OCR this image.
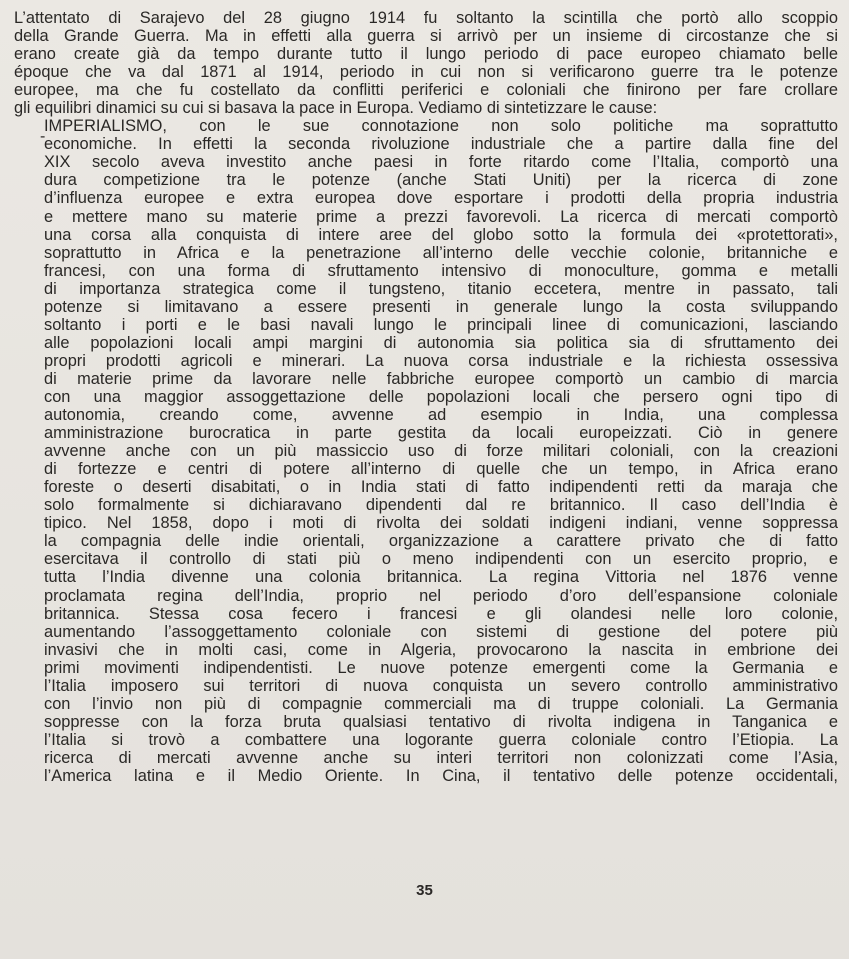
-
L’attentato di Sarajevo del 28 giugno 1914 fu soltanto la scintilla che portò allo scoppio
della Grande Guerra. Ma in effetti alla guerra si arrivò per un insieme di circostanze che si
erano create già da tempo durante tutto il lungo periodo di pace europeo chiamato belle
époque che va dal 1871 al 1914, periodo in cui non si verificarono guerre tra le potenze
europee, ma che fu costellato da conflitti periferici e coloniali che finirono per fare crollare
gli equilibri dinamici su cui si basava la pace in Europa. Vediamo di sintetizzare le cause:
IMPERIALISMO, con le sue connotazione non solo politiche ma soprattutto
economiche. In effetti la seconda rivoluzione industriale che a partire dalla fine del
XIX secolo aveva investito anche paesi in forte ritardo come l’Italia, comportò una
dura competizione tra le potenze (anche Stati Uniti) per la ricerca di zone
d’influenza europee e extra europea dove esportare i prodotti della propria industria
e mettere mano su materie prime a prezzi favorevoli. La ricerca di mercati comportò
una corsa alla conquista di intere aree del globo sotto la formula dei «protettorati»,
soprattutto in Africa e la penetrazione all’interno delle vecchie colonie, britanniche e
francesi, con una forma di sfruttamento intensivo di monoculture, gomma e metalli
di importanza strategica come il tungsteno, titanio eccetera, mentre in passato, tali
potenze si limitavano a essere presenti in generale lungo la costa sviluppando
soltanto i porti e le basi navali lungo le principali linee di comunicazioni, lasciando
alle popolazioni locali ampi margini di autonomia sia politica sia di sfruttamento dei
propri prodotti agricoli e minerari. La nuova corsa industriale e la richiesta ossessiva
di materie prime da lavorare nelle fabbriche europee comportò un cambio di marcia
con una maggior assoggettazione delle popolazioni locali che persero ogni tipo di
autonomia, creando come, avvenne ad esempio in India, una complessa
amministrazione burocratica in parte gestita da locali europeizzati. Ciò in genere
avvenne anche con un più massiccio uso di forze militari coloniali, con la creazioni
di fortezze e centri di potere all’interno di quelle che un tempo, in Africa erano
foreste o deserti disabitati, o in India stati di fatto indipendenti retti da maraja che
solo formalmente si dichiaravano dipendenti dal re britannico. Il caso dell’India è
tipico. Nel 1858, dopo i moti di rivolta dei soldati indigeni indiani, venne soppressa
la compagnia delle indie orientali, organizzazione a carattere privato che di fatto
esercitava il controllo di stati più o meno indipendenti con un esercito proprio, e
tutta l’India divenne una colonia britannica. La regina Vittoria nel 1876 venne
proclamata regina dell’India, proprio nel periodo d’oro dell’espansione coloniale
britannica. Stessa cosa fecero i francesi e gli olandesi nelle loro colonie,
aumentando l’assoggettamento coloniale con sistemi di gestione del potere più
invasivi che in molti casi, come in Algeria, provocarono la nascita in embrione dei
primi movimenti indipendentisti. Le nuove potenze emergenti come la Germania e
l’Italia imposero sui territori di nuova conquista un severo controllo amministrativo
con l’invio non più di compagnie commerciali ma di truppe coloniali. La Germania
soppresse con la forza bruta qualsiasi tentativo di rivolta indigena in Tanganica e
l’Italia si trovò a combattere una logorante guerra coloniale contro l’Etiopia. La
ricerca di mercati avvenne anche su interi territori non colonizzati come l’Asia,
l’America latina e il Medio Oriente. In Cina, il tentativo delle potenze occidentali,
35
